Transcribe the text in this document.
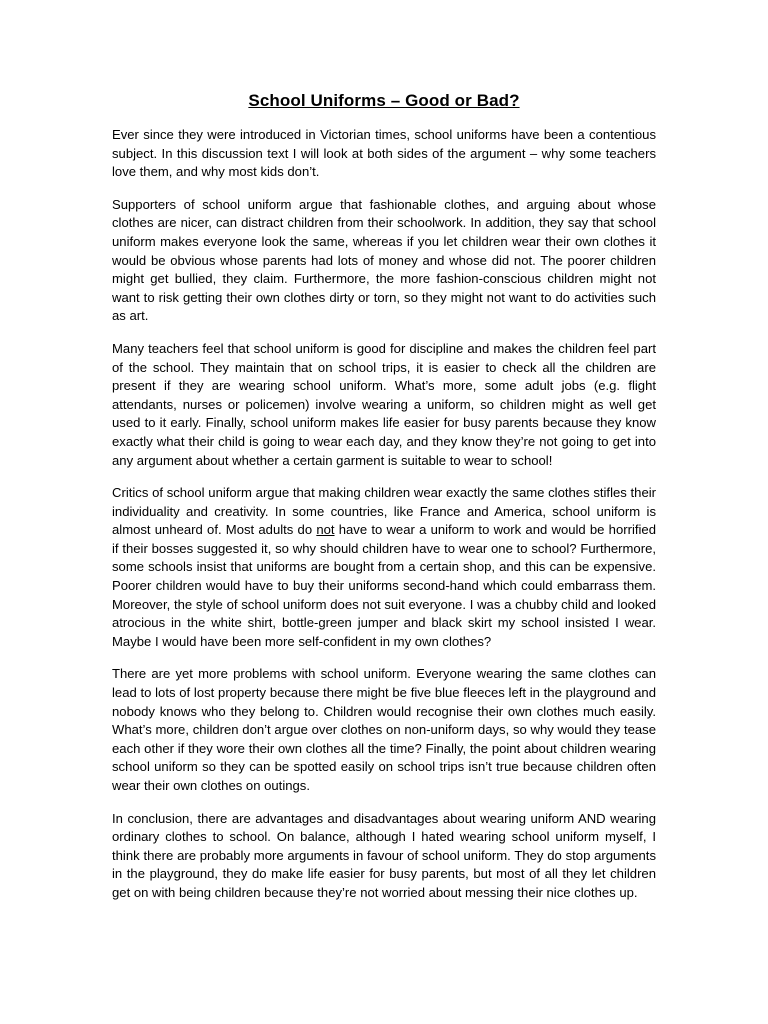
School Uniforms – Good or Bad?

Ever since they were introduced in Victorian times, school uniforms have been a contentious subject. In this discussion text I will look at both sides of the argument – why some teachers love them, and why most kids don’t.

Supporters of school uniform argue that fashionable clothes, and arguing about whose clothes are nicer, can distract children from their schoolwork. In addition, they say that school uniform makes everyone look the same, whereas if you let children wear their own clothes it would be obvious whose parents had lots of money and whose did not. The poorer children might get bullied, they claim. Furthermore, the more fashion-conscious children might not want to risk getting their own clothes dirty or torn, so they might not want to do activities such as art.

Many teachers feel that school uniform is good for discipline and makes the children feel part of the school. They maintain that on school trips, it is easier to check all the children are present if they are wearing school uniform. What’s more, some adult jobs (e.g. flight attendants, nurses or policemen) involve wearing a uniform, so children might as well get used to it early. Finally, school uniform makes life easier for busy parents because they know exactly what their child is going to wear each day, and they know they’re not going to get into any argument about whether a certain garment is suitable to wear to school!

Critics of school uniform argue that making children wear exactly the same clothes stifles their individuality and creativity. In some countries, like France and America, school uniform is almost unheard of. Most adults do not have to wear a uniform to work and would be horrified if their bosses suggested it, so why should children have to wear one to school? Furthermore, some schools insist that uniforms are bought from a certain shop, and this can be expensive. Poorer children would have to buy their uniforms second-hand which could embarrass them. Moreover, the style of school uniform does not suit everyone. I was a chubby child and looked atrocious in the white shirt, bottle-green jumper and black skirt my school insisted I wear. Maybe I would have been more self-confident in my own clothes?

There are yet more problems with school uniform. Everyone wearing the same clothes can lead to lots of lost property because there might be five blue fleeces left in the playground and nobody knows who they belong to. Children would recognise their own clothes much easily. What’s more, children don’t argue over clothes on non-uniform days, so why would they tease each other if they wore their own clothes all the time? Finally, the point about children wearing school uniform so they can be spotted easily on school trips isn’t true because children often wear their own clothes on outings.

In conclusion, there are advantages and disadvantages about wearing uniform AND wearing ordinary clothes to school. On balance, although I hated wearing school uniform myself, I think there are probably more arguments in favour of school uniform. They do stop arguments in the playground, they do make life easier for busy parents, but most of all they let children get on with being children because they’re not worried about messing their nice clothes up.
